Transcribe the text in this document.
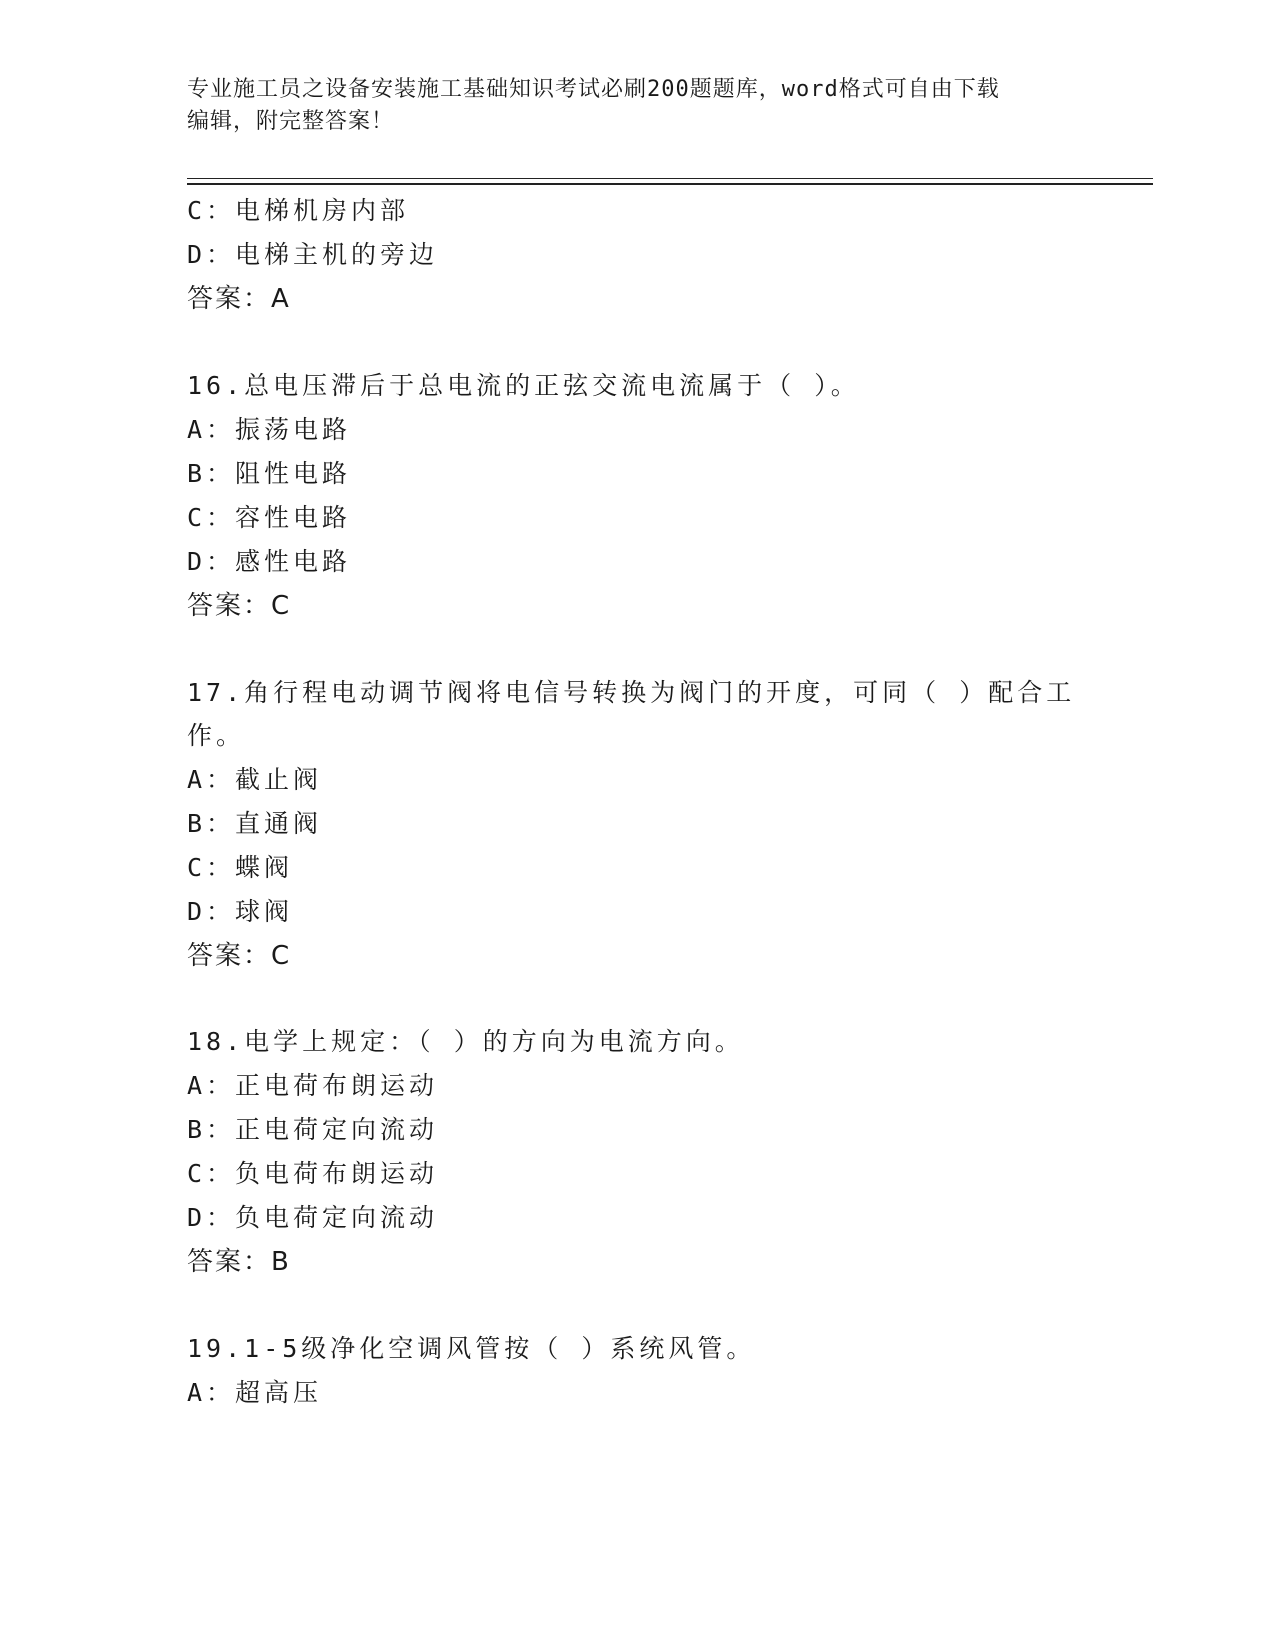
专业施工员之设备安装施工基础知识考试必刷200题题库，word格式可自由下载
编辑，附完整答案！
C：电梯机房内部
D：电梯主机的旁边
答案：A
16.总电压滞后于总电流的正弦交流电流属于（ ）。
A：振荡电路
B：阻性电路
C：容性电路
D：感性电路
答案：C
17.角行程电动调节阀将电信号转换为阀门的开度，可同（ ）配合工
作。
A：截止阀
B：直通阀
C：蝶阀
D：球阀
答案：C
18.电学上规定：（ ）的方向为电流方向。
A：正电荷布朗运动
B：正电荷定向流动
C：负电荷布朗运动
D：负电荷定向流动
答案：B
19.1-5级净化空调风管按（ ）系统风管。
A：超高压
